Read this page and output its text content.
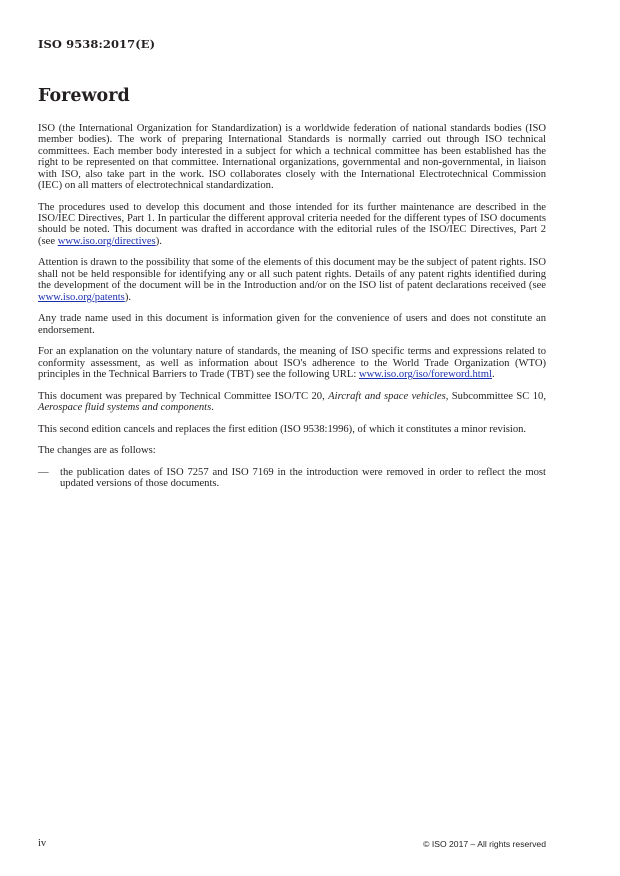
ISO 9538:2017(E)
Foreword

ISO (the International Organization for Standardization) is a worldwide federation of national standards bodies (ISO member bodies). The work of preparing International Standards is normally carried out through ISO technical committees. Each member body interested in a subject for which a technical committee has been established has the right to be represented on that committee. International organizations, governmental and non-governmental, in liaison with ISO, also take part in the work. ISO collaborates closely with the International Electrotechnical Commission (IEC) on all matters of electrotechnical standardization.

The procedures used to develop this document and those intended for its further maintenance are described in the ISO/IEC Directives, Part 1. In particular the different approval criteria needed for the different types of ISO documents should be noted. This document was drafted in accordance with the editorial rules of the ISO/IEC Directives, Part 2 (see www.iso.org/directives).

Attention is drawn to the possibility that some of the elements of this document may be the subject of patent rights. ISO shall not be held responsible for identifying any or all such patent rights. Details of any patent rights identified during the development of the document will be in the Introduction and/or on the ISO list of patent declarations received (see www.iso.org/patents).

Any trade name used in this document is information given for the convenience of users and does not constitute an endorsement.

For an explanation on the voluntary nature of standards, the meaning of ISO specific terms and expressions related to conformity assessment, as well as information about ISO's adherence to the World Trade Organization (WTO) principles in the Technical Barriers to Trade (TBT) see the following URL: www.iso.org/iso/foreword.html.

This document was prepared by Technical Committee ISO/TC 20, Aircraft and space vehicles, Subcommittee SC 10, Aerospace fluid systems and components.

This second edition cancels and replaces the first edition (ISO 9538:1996), of which it constitutes a minor revision.

The changes are as follows:

—	the publication dates of ISO 7257 and ISO 7169 in the introduction were removed in order to reflect the most updated versions of those documents.
iv	© ISO 2017 – All rights reserved
